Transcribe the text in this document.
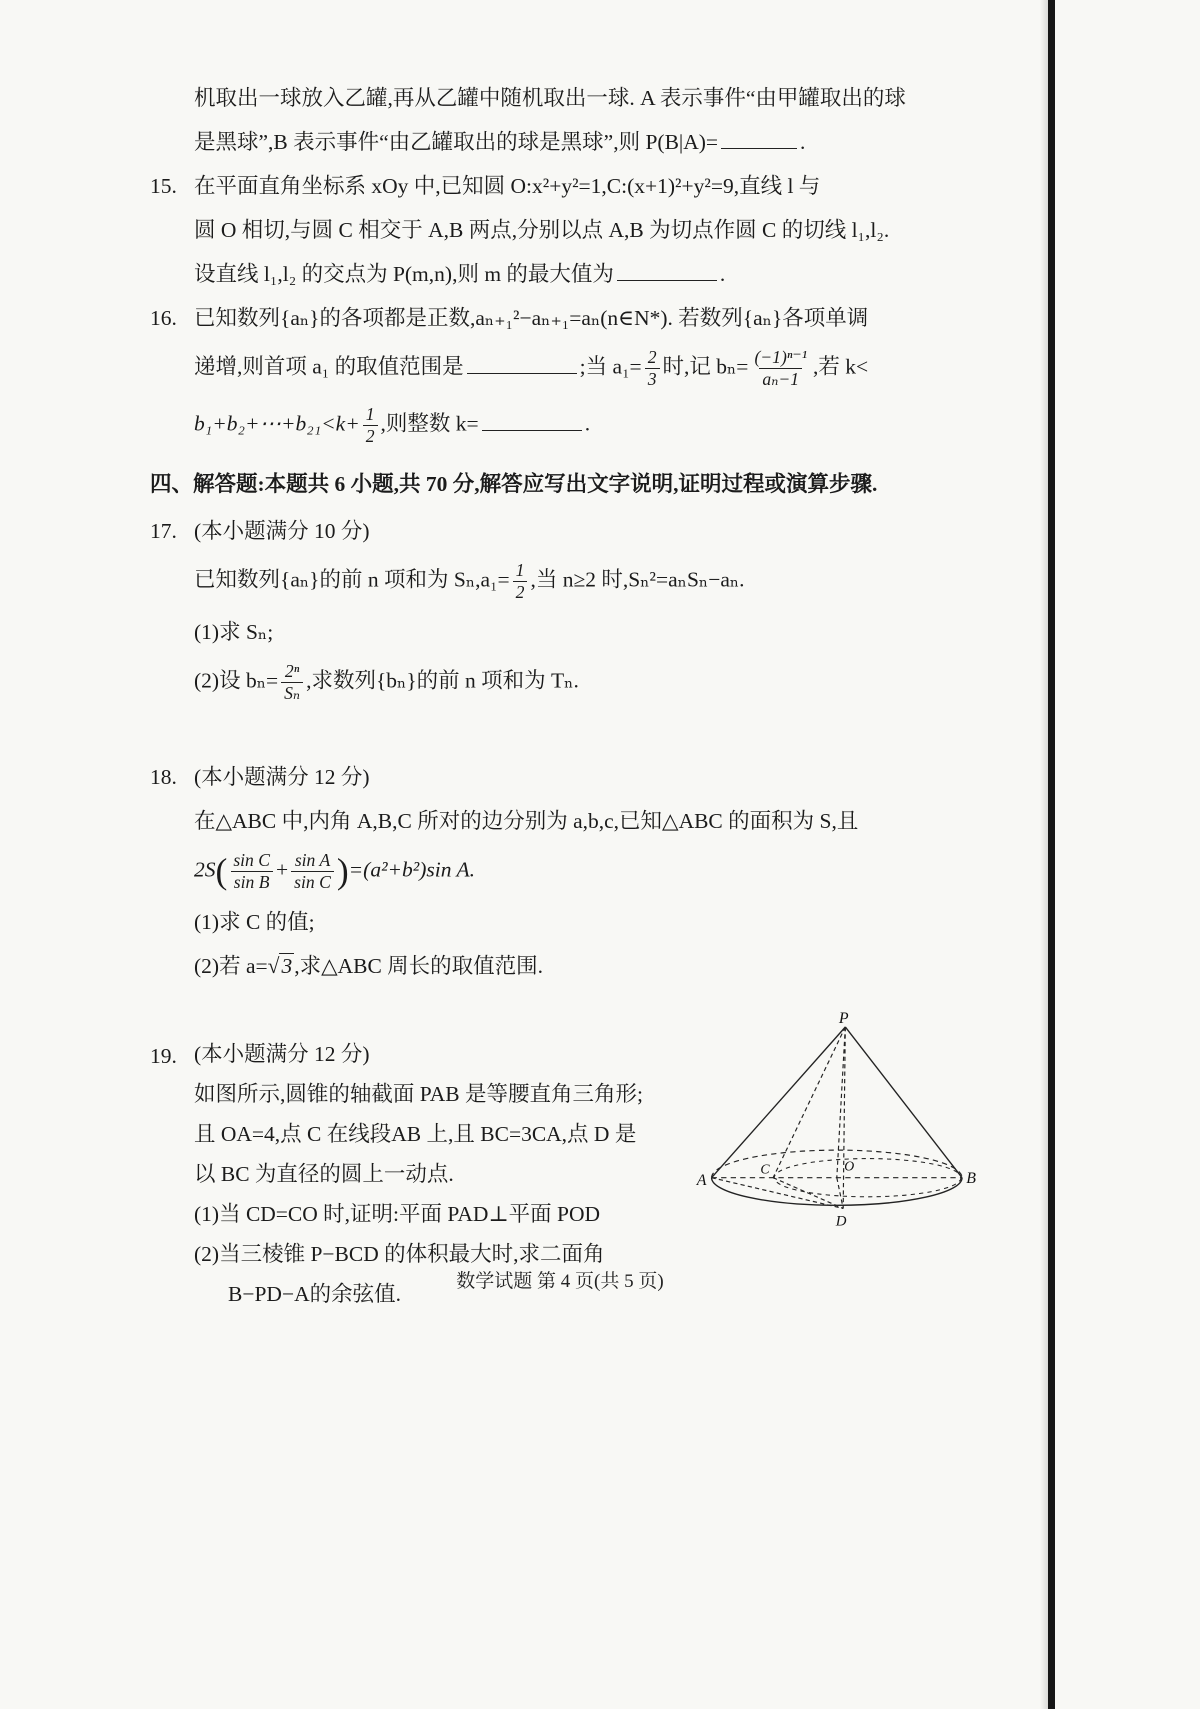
机取出一球放入乙罐,再从乙罐中随机取出一球. A 表示事件“由甲罐取出的球
是黑球”,B 表示事件“由乙罐取出的球是黑球”,则 P(B|A)=	.
15. 在平面直角坐标系 xOy 中,已知圆 O:x²+y²=1,C:(x+1)²+y²=9,直线 l 与
圆 O 相切,与圆 C 相交于 A,B 两点,分别以点 A,B 为切点作圆 C 的切线 l₁,l₂.
设直线 l₁,l₂ 的交点为 P(m,n),则 m 的最大值为	.
16. 已知数列{aₙ}的各项都是正数,aₙ₊₁²−aₙ₊₁=aₙ(n∈N*). 若数列{aₙ}各项单调
递增,则首项 a₁ 的取值范围是	;当 $a_1= \frac{2}{3}$ 时,记 $b_n= \frac{\text{(−1)ⁿ⁻¹}}{\text{aₙ−1}}$ ,若 k<
b₁+b₂+⋯+b₂₁<k+ $\frac{1}{2}$ ,则整数 k=	.
四、解答题:本题共 6 小题,共 70 分,解答应写出文字说明,证明过程或演算步骤.
17. (本小题满分 10 分)
已知数列{aₙ}的前 n 项和为 $S_n,a_1= \frac{1}{2}$ ,当 n≥2 时,Sₙ²=aₙSₙ−aₙ.
(1)求 Sₙ;
(2)设 $b_n= \frac{\text{2ⁿ}}{\text{Sₙ}}$ ,求数列{bₙ}的前 n 项和为 Tₙ.
18. (本小题满分 12 分)
在△ABC 中,内角 A,B,C 所对的边分别为 a,b,c,已知△ABC 的面积为 S,且
$2S( \frac{\text{sin C}}{\text{sin B}} + \frac{\text{sin A}}{\text{sin C}} )=(a^2+b^2)\sin$ A.
(1)求 C 的值;
(2)若 a=√3,求△ABC 周长的取值范围.
19. (本小题满分 12 分)
如图所示,圆锥的轴截面 PAB 是等腰直角三角形;
且 OA=4,点 C 在线段AB 上,且 BC=3CA,点 D 是
以 BC 为直径的圆上一动点.
(1)当 CD=CO 时,证明:平面 PAD⊥平面 POD
(2)当三棱锥 P−BCD 的体积最大时,求二面角
B−PD−A的余弦值.
P
A	B
C	O
D
数学试题 第 4 页(共 5 页)
